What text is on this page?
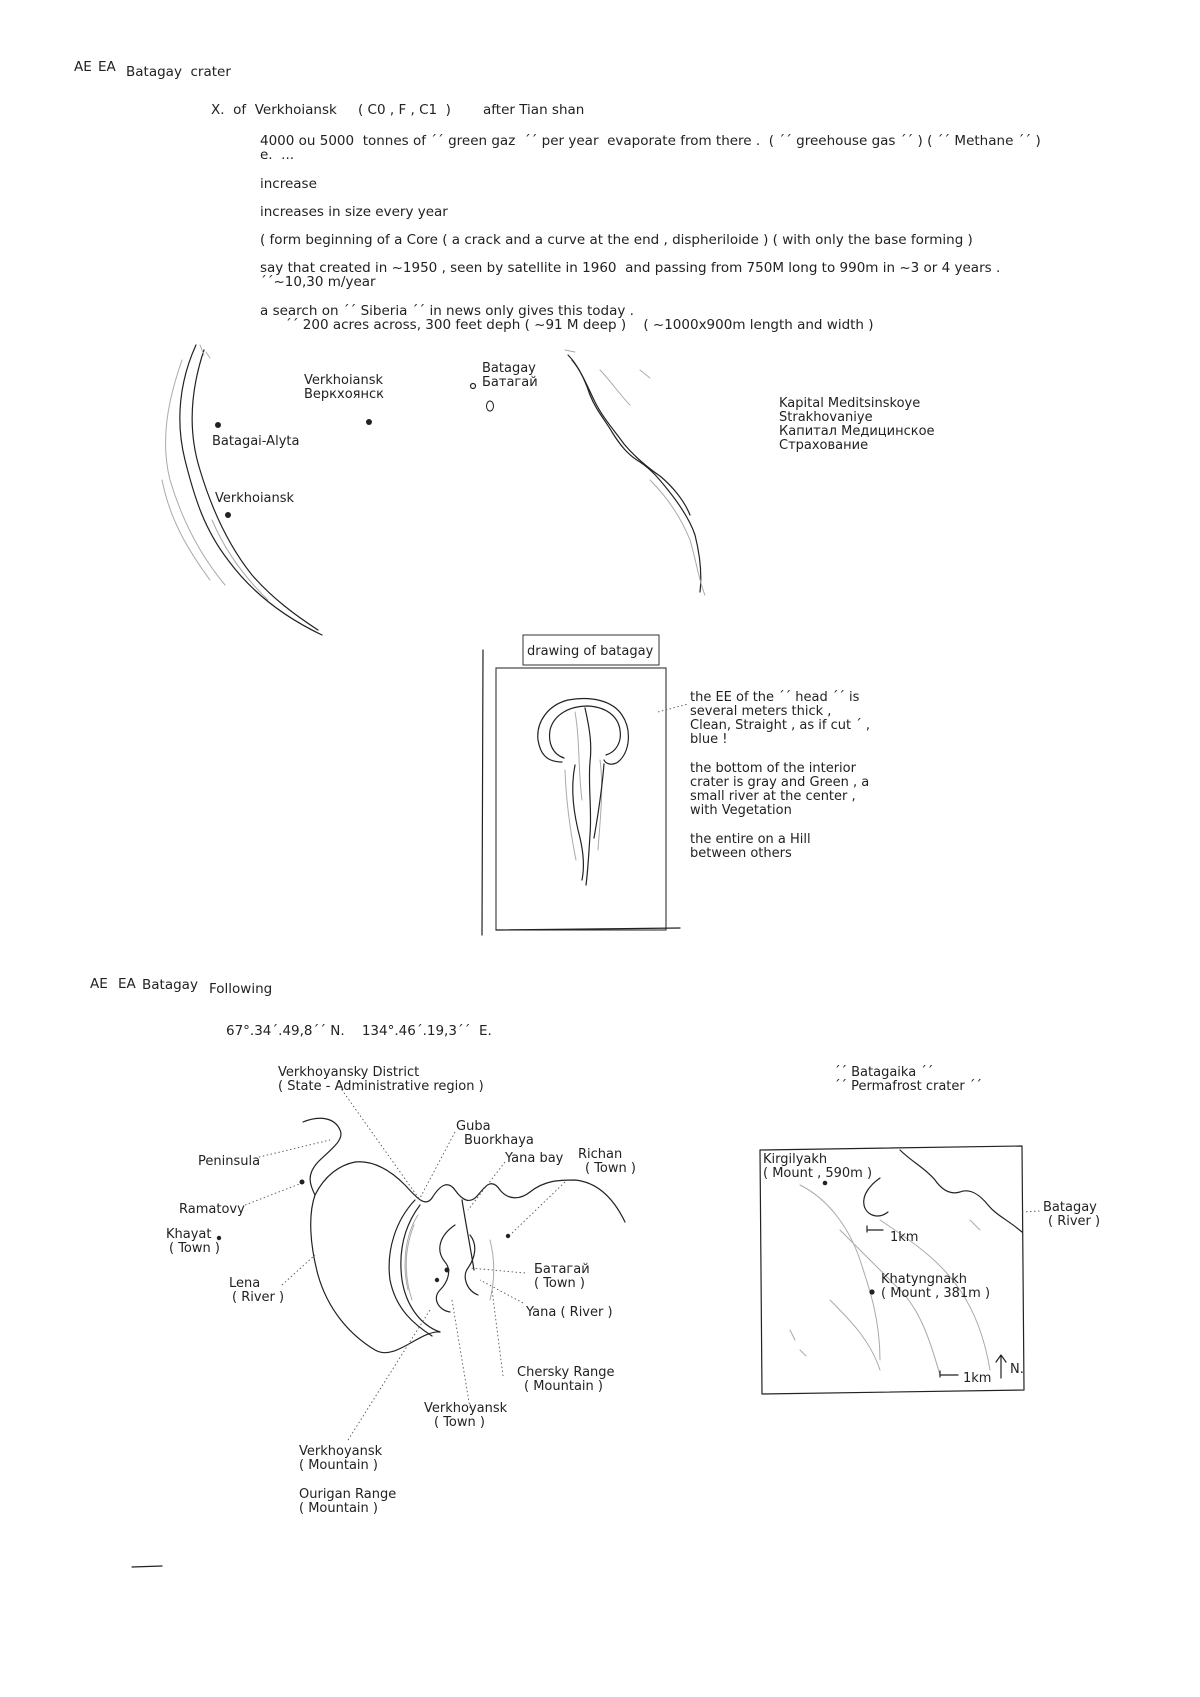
AE EA Batagay  crater
X.  of  Verkhoiansk ( C0 , F , C1  ) after Tian shan
4000 ou 5000  tonnes of ´´ green gaz  ´´ per year  evaporate from there .  ( ´´ greehouse gas ´´ ) ( ´´ Methane ´´ )
e.  ...
increase
increases in size every year
( form beginning of a Core ( a crack and a curve at the end , dispheriloide ) ( with only the base forming )
say that created in ~1950 , seen by satellite in 1960  and passing from 750M long to 990m in ~3 or 4 years .
´´~10,30 m/year
a search on ´´ Siberia ´´ in news only gives this today .
´´ 200 acres across, 300 feet deph ( ~91 M deep )    ( ~1000x900m length and width )
Verkhoiansk
Веркхоянск
Batagay
Батагай
Batagai-Alyta
Verkhoiansk
Kapital Meditsinskoye
Strakhovaniye
Капитал Медицинское
Страхование
drawing of batagay
the EE of the ´´ head ´´ is
several meters thick ,
Clean, Straight , as if cut ´ ,
blue !
the bottom of the interior
crater is gray and Green , a
small river at the center ,
with Vegetation
the entire on a Hill
between others
AE EA Batagay Following
67°.34´.49,8´´ N.    134°.46´.19,3´´  E.
Verkhoyansky District
( State - Administrative region )
Guba
Buorkhaya
Yana bay Richan
( Town )
Peninsula
Ramatovy
Khayat
( Town )
Lena
( River )
Батагай
( Town )
Yana ( River )
Chersky Range
( Mountain )
Verkhoyansk
( Town )
Verkhoyansk
( Mountain )
Ourigan Range
( Mountain )
´´ Batagaika ´´
´´ Permafrost crater ´´
Kirgilyakh
( Mount , 590m )
Batagay
( River )
1km
Khatyngnakh
( Mount , 381m )
1km
N.
